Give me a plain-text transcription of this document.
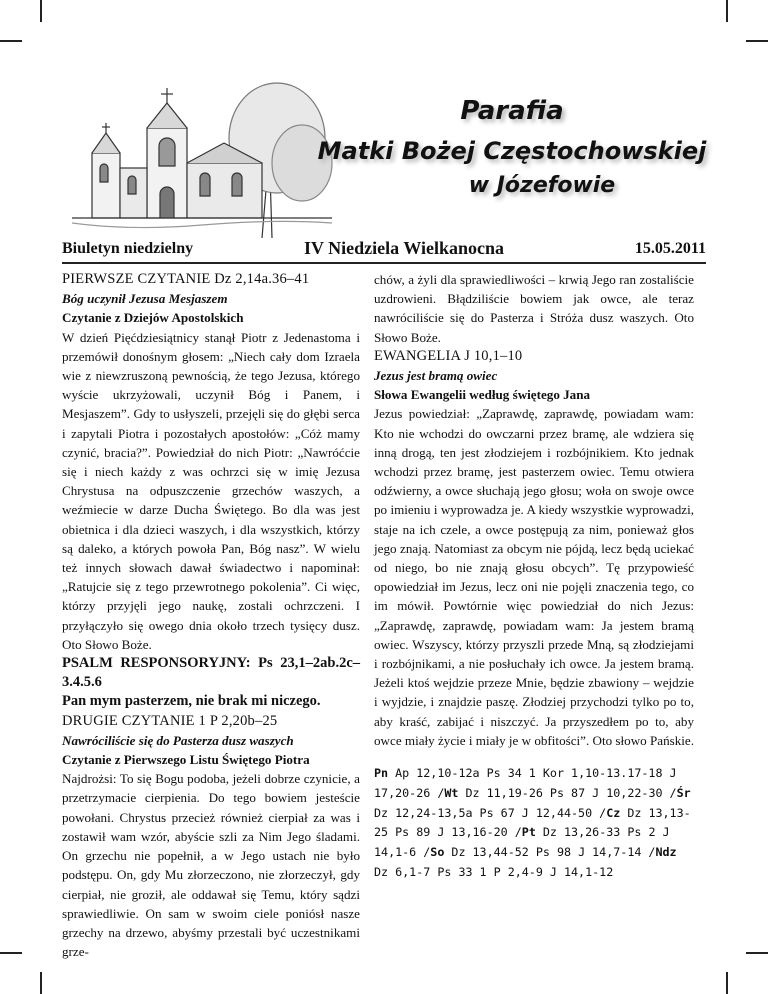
Parafia
Matki Bożej Częstochowskiej
w Józefowie
Biuletyn niedzielny	IV Niedziela Wielkanocna	15.05.2011

PIERWSZE CZYTANIE Dz 2,14a.36–41

Bóg uczynił Jezusa Mesjaszem

Czytanie z Dziejów Apostolskich

W dzień Pięćdziesiątnicy stanął Piotr z Jedenastoma i przemówił donośnym głosem: „Niech cały dom Izraela wie z niewzruszoną pewnością, że tego Jezusa, którego wyście ukrzyżowali, uczynił Bóg i Panem, i Mesjaszem”. Gdy to usłyszeli, przejęli się do głębi serca i zapytali Piotra i pozostałych apostołów: „Cóż mamy czynić, bracia?”. Powiedział do nich Piotr: „Nawróćcie się i niech każdy z was ochrzci się w imię Jezusa Chrystusa na odpuszczenie grzechów waszych, a weźmiecie w darze Ducha Świętego. Bo dla was jest obietnica i dla dzieci waszych, i dla wszystkich, którzy są daleko, a których powoła Pan, Bóg nasz”. W wielu też innych słowach dawał świadectwo i napominał: „Ratujcie się z tego przewrotnego pokolenia”. Ci więc, którzy przyjęli jego naukę, zostali ochrzczeni. I przyłączyło się owego dnia około trzech tysięcy dusz. Oto Słowo Boże.

PSALM RESPONSORYJNY: Ps 23,1–2ab.2c–3.4.5.6

Pan mym pasterzem, nie brak mi niczego.

DRUGIE CZYTANIE 1 P 2,20b–25

Nawróciliście się do Pasterza dusz waszych

Czytanie z Pierwszego Listu Świętego Piotra

Najdrożsi: To się Bogu podoba, jeżeli dobrze czynicie, a przetrzymacie cierpienia. Do tego bowiem jesteście powołani. Chrystus przecież również cierpiał za was i zostawił wam wzór, abyście szli za Nim Jego śladami. On grzechu nie popełnił, a w Jego ustach nie było podstępu. On, gdy Mu złorzeczono, nie złorzeczył, gdy cierpiał, nie groził, ale oddawał się Temu, który sądzi sprawiedliwie. On sam w swoim ciele poniósł nasze grzechy na drzewo, abyśmy przestali być uczestnikami grze-

chów, a żyli dla sprawiedliwości – krwią Jego ran zostaliście uzdrowieni. Błądziliście bowiem jak owce, ale teraz nawróciliście się do Pasterza i Stróża dusz waszych. Oto Słowo Boże.

EWANGELIA J 10,1–10

Jezus jest bramą owiec

Słowa Ewangelii według świętego Jana

Jezus powiedział: „Zaprawdę, zaprawdę, powiadam wam: Kto nie wchodzi do owczarni przez bramę, ale wdziera się inną drogą, ten jest złodziejem i rozbójnikiem. Kto jednak wchodzi przez bramę, jest pasterzem owiec. Temu otwiera odźwierny, a owce słuchają jego głosu; woła on swoje owce po imieniu i wyprowadza je. A kiedy wszystkie wyprowadzi, staje na ich czele, a owce postępują za nim, ponieważ głos jego znają. Natomiast za obcym nie pójdą, lecz będą uciekać od niego, bo nie znają głosu obcych”. Tę przypowieść opowiedział im Jezus, lecz oni nie pojęli znaczenia tego, co im mówił. Powtórnie więc powiedział do nich Jezus: „Zaprawdę, zaprawdę, powiadam wam: Ja jestem bramą owiec. Wszyscy, którzy przyszli przede Mną, są złodziejami i rozbójnikami, a nie posłuchały ich owce. Ja jestem bramą. Jeżeli ktoś wejdzie przeze Mnie, będzie zbawiony – wejdzie i wyjdzie, i znajdzie paszę. Złodziej przychodzi tylko po to, aby kraść, zabijać i niszczyć. Ja przyszedłem po to, aby owce miały życie i miały je w obfitości”. Oto słowo Pańskie.

Pn Ap 12,10-12a Ps 34 1 Kor 1,10-13.17-18 J 17,20-26 /Wt Dz 11,19-26 Ps 87 J 10,22-30 /Śr Dz 12,24-13,5a Ps 67 J 12,44-50 /Cz Dz 13,13-25 Ps 89 J 13,16-20 /Pt Dz 13,26-33 Ps 2 J 14,1-6 /So Dz 13,44-52 Ps 98 J 14,7-14 /Ndz Dz 6,1-7 Ps 33 1 P 2,4-9 J 14,1-12
